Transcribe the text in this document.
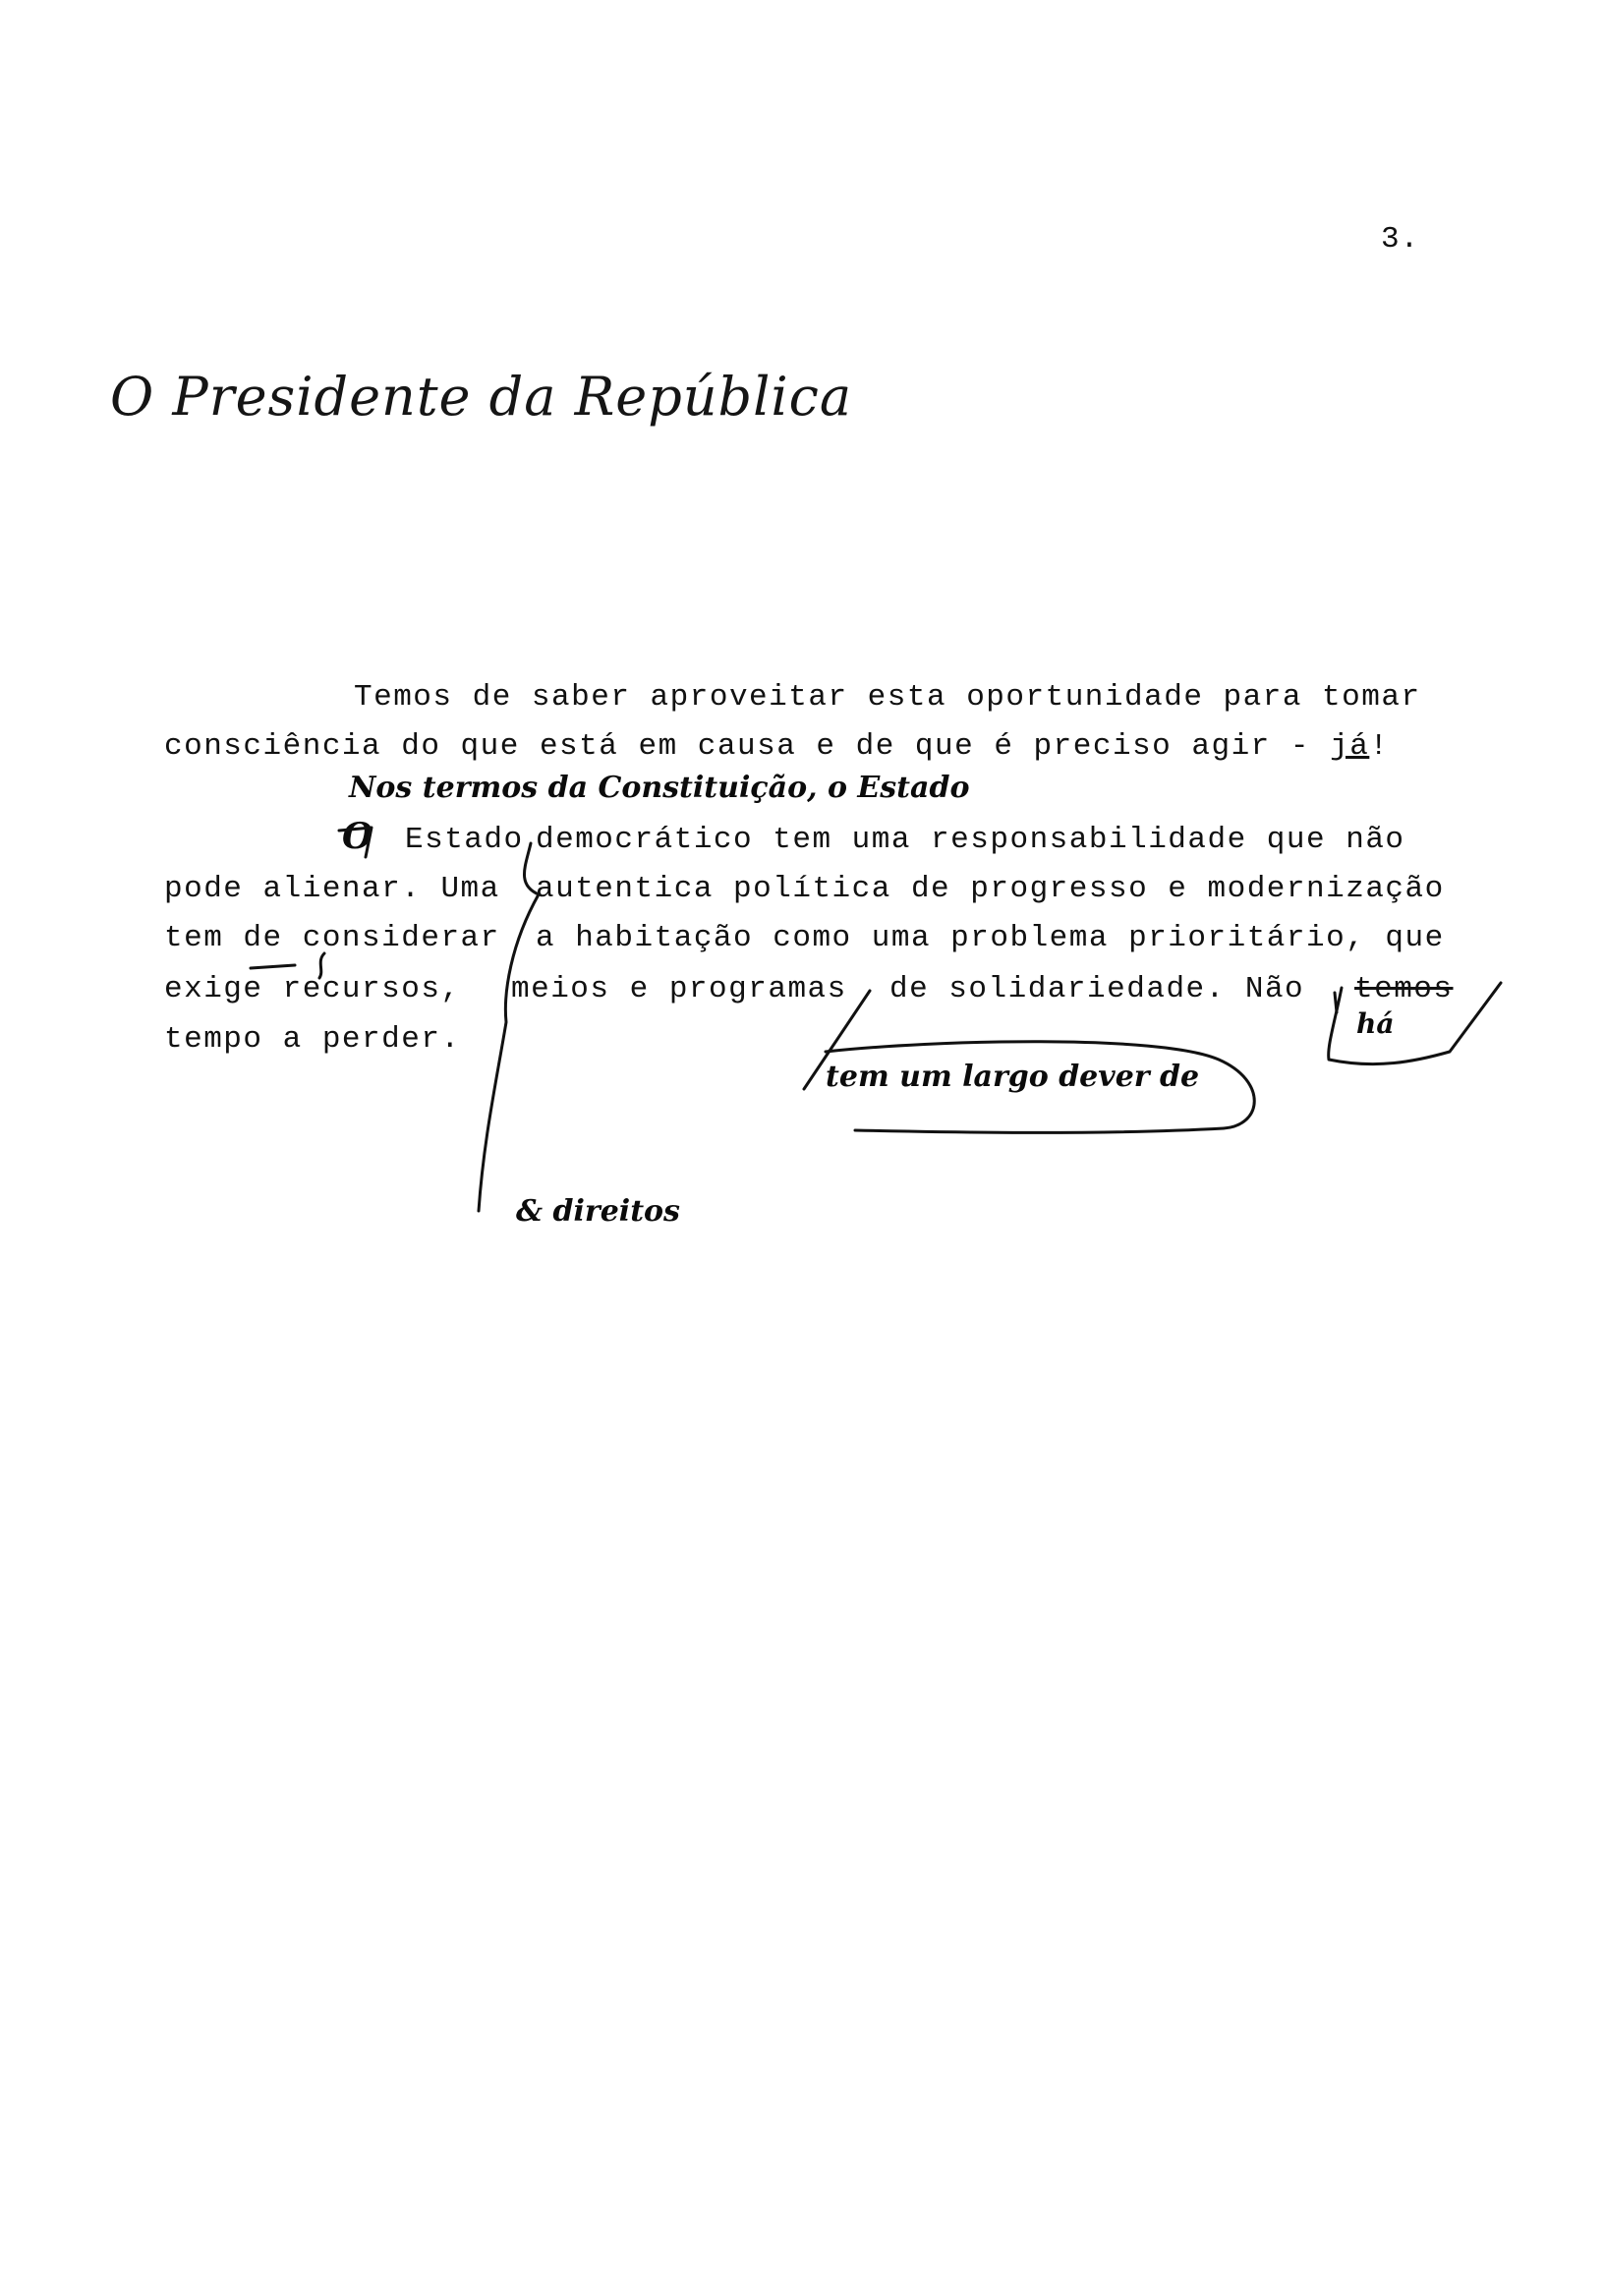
3.
O Presidente da República
Temos de saber aproveitar esta oportunidade para tomar
consciência do que está em causa e de que é preciso agir - já!
Nos termos da Constituição, o Estado
O Estado democrático tem uma responsabilidade que não
pode alienar. Uma autentica política de progresso e modernização
tem de considerar a habitação como uma problema prioritário, que
exige recursos, meios e programas de solidariedade. Não temos
tempo a perder.	há
tem um largo dever de
& direitos
